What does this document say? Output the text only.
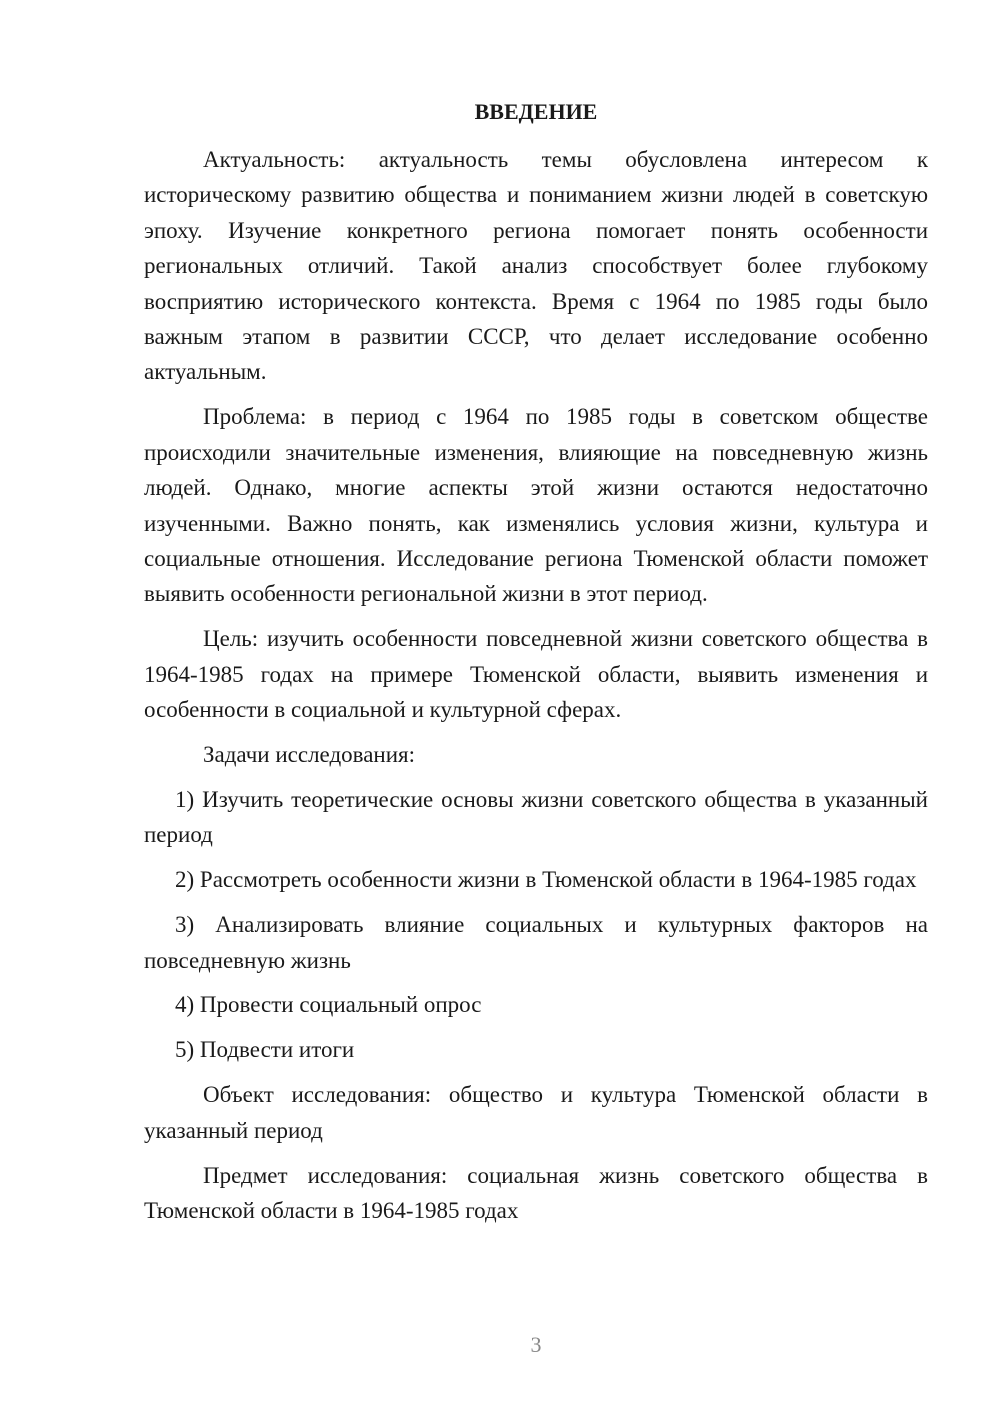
ВВЕДЕНИЕ

Актуальность: актуальность темы обусловлена интересом к историческому развитию общества и пониманием жизни людей в советскую эпоху. Изучение конкретного региона помогает понять особенности региональных отличий. Такой анализ способствует более глубокому восприятию исторического контекста. Время с 1964 по 1985 годы было важным этапом в развитии СССР, что делает исследование особенно актуальным.

Проблема: в период с 1964 по 1985 годы в советском обществе происходили значительные изменения, влияющие на повседневную жизнь людей. Однако, многие аспекты этой жизни остаются недостаточно изученными. Важно понять, как изменялись условия жизни, культура и социальные отношения. Исследование региона Тюменской области поможет выявить особенности региональной жизни в этот период.

Цель: изучить особенности повседневной жизни советского общества в 1964-1985 годах на примере Тюменской области, выявить изменения и особенности в социальной и культурной сферах.

Задачи исследования:

1) Изучить теоретические основы жизни советского общества в указанный период

2) Рассмотреть особенности жизни в Тюменской области в 1964-1985 годах

3) Анализировать влияние социальных и культурных факторов на повседневную жизнь

4) Провести социальный опрос

5) Подвести итоги

Объект исследования: общество и культура Тюменской области в указанный период

Предмет исследования: социальная жизнь советского общества в Тюменской области в 1964-1985 годах

3
